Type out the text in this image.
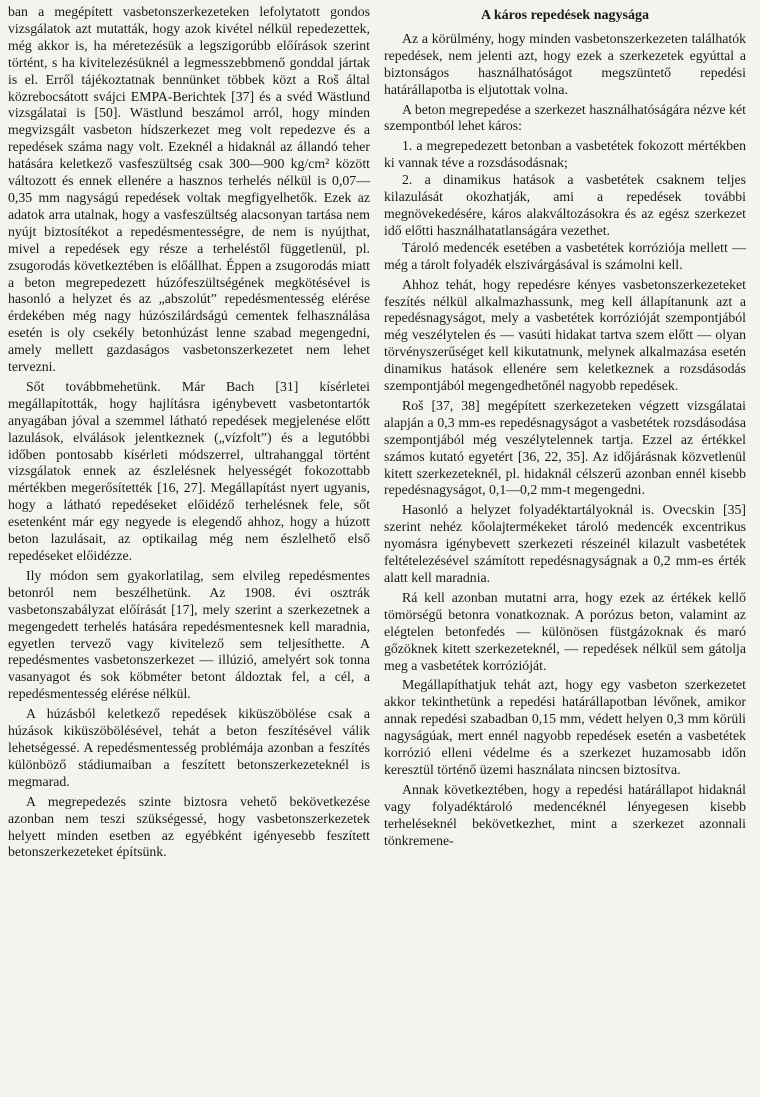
ban a megépített vasbetonszerkezeteken lefolytatott gondos vizsgálatok azt mutatták, hogy azok kivétel nélkül repedezettek, még akkor is, ha méretezésük a legszigorúbb előírások szerint történt, s ha kivitelezésüknél a legmesszebbmenő gonddal jártak is el. Erről tájékoztatnak bennünket többek közt a Roš által közrebocsátott svájci EMPA-Berichtek [37] és a svéd Wästlund vizsgálatai is [50]. Wästlund beszámol arról, hogy minden megvizsgált vasbeton hídszerkezet meg volt repedezve és a repedések száma nagy volt. Ezeknél a hidaknál az állandó teher hatására keletkező vasfeszültség csak 300—900 kg/cm² között változott és ennek ellenére a hasznos terhelés nélkül is 0,07—0,35 mm nagyságú repedések voltak megfigyelhetők. Ezek az adatok arra utalnak, hogy a vasfeszültség alacsonyan tartása nem nyújt biztosítékot a repedésmentességre, de nem is nyújthat, mivel a repedések egy része a terheléstől függetlenül, pl. zsugorodás következtében is előállhat. Éppen a zsugorodás miatt a beton megrepedezett húzófeszültségének megkötésével is hasonló a helyzet és az „abszolút” repedésmentesség elérése érdekében még nagy húzószilárdságú cementek felhasználása esetén is oly csekély betonhúzást lenne szabad megengedni, amely mellett gazdaságos vasbetonszerkezetet nem lehet tervezni.

Sőt továbbmehetünk. Már Bach [31] kísérletei megállapították, hogy hajlításra igénybevett vasbetontartók anyagában jóval a szemmel látható repedések megjelenése előtt lazulások, elválások jelentkeznek („vízfolt”) és a legutóbbi időben pontosabb kísérleti módszerrel, ultrahanggal történt vizsgálatok ennek az észlelésnek helyességét fokozottabb mértékben megerősítették [16, 27]. Megállapítást nyert ugyanis, hogy a látható repedéseket előidéző terhelésnek fele, sőt esetenként már egy negyede is elegendő ahhoz, hogy a húzott beton lazulásait, az optikailag még nem észlelhető első repedéseket előidézze.

Ily módon sem gyakorlatilag, sem elvileg repedésmentes betonról nem beszélhetünk. Az 1908. évi osztrák vasbetonszabályzat előírását [17], mely szerint a szerkezetnek a megengedett terhelés hatására repedésmentesnek kell maradnia, egyetlen tervező vagy kivitelező sem teljesíthette. A repedésmentes vasbetonszerkezet — illúzió, amelyért sok tonna vasanyagot és sok köbméter betont áldoztak fel, a cél, a repedésmentesség elérése nélkül.

A húzásból keletkező repedések kiküszöbölése csak a húzások kiküszöbölésével, tehát a beton feszítésével válik lehetségessé. A repedésmentesség problémája azonban a feszítés különböző stádiumaiban a feszített betonszerkezeteknél is megmarad.

A megrepedezés szinte biztosra vehető bekövetkezése azonban nem teszi szükségessé, hogy vasbetonszerkezetek helyett minden esetben az egyébként igényesebb feszített betonszerkezeteket építsünk.

A káros repedések nagysága

Az a körülmény, hogy minden vasbetonszerkezeten találhatók repedések, nem jelenti azt, hogy ezek a szerkezetek egyúttal a biztonságos használhatóságot megszüntető repedési határállapotba is eljutottak volna.

A beton megrepedése a szerkezet használhatóságára nézve két szempontból lehet káros:

1. a megrepedezett betonban a vasbetétek fokozott mértékben ki vannak téve a rozsdásodásnak;

2. a dinamikus hatások a vasbetétek csaknem teljes kilazulását okozhatják, ami a repedések további megnövekedésére, káros alakváltozásokra és az egész szerkezet idő előtti használhatatlanságára vezethet.

Tároló medencék esetében a vasbetétek korróziója mellett — még a tárolt folyadék elszivárgásával is számolni kell.

Ahhoz tehát, hogy repedésre kényes vasbetonszerkezeteket feszítés nélkül alkalmazhassunk, meg kell állapítanunk azt a repedésnagyságot, mely a vasbetétek korrózióját szempontjából még veszélytelen és — vasúti hidakat tartva szem előtt — olyan törvényszerűséget kell kikutatnunk, melynek alkalmazása esetén dinamikus hatások ellenére sem keletkeznek a rozsdásodás szempontjából megengedhetőnél nagyobb repedések.

Roš [37, 38] megépített szerkezeteken végzett vizsgálatai alapján a 0,3 mm-es repedésnagyságot a vasbetétek rozsdásodása szempontjából még veszélytelennek tartja. Ezzel az értékkel számos kutató egyetért [36, 22, 35]. Az időjárásnak közvetlenül kitett szerkezeteknél, pl. hidaknál célszerű azonban ennél kisebb repedésnagyságot, 0,1—0,2 mm-t megengedni.

Hasonló a helyzet folyadéktartályoknál is. Ovecskin [35] szerint nehéz kőolajtermékeket tároló medencék excentrikus nyomásra igénybevett szerkezeti részeinél kilazult vasbetétek feltételezésével számított repedésnagyságnak a 0,2 mm-es érték alatt kell maradnia.

Rá kell azonban mutatni arra, hogy ezek az értékek kellő tömörségű betonra vonatkoznak. A porózus beton, valamint az elégtelen betonfedés — különösen füstgázoknak és maró gőzöknek kitett szerkezeteknél, — repedések nélkül sem gátolja meg a vasbetétek korrózióját.

Megállapíthatjuk tehát azt, hogy egy vasbeton szerkezetet akkor tekinthetünk a repedési határállapotban lévőnek, amikor annak repedési szabadban 0,15 mm, védett helyen 0,3 mm körüli nagyságúak, mert ennél nagyobb repedések esetén a vasbetétek korrózió elleni védelme és a szerkezet huzamosabb időn keresztül történő üzemi használata nincsen biztosítva.

Annak következtében, hogy a repedési határállapot hidaknál vagy folyadéktároló medencéknél lényegesen kisebb terheléseknél bekövetkezhet, mint a szerkezet azonnali tönkremene-
